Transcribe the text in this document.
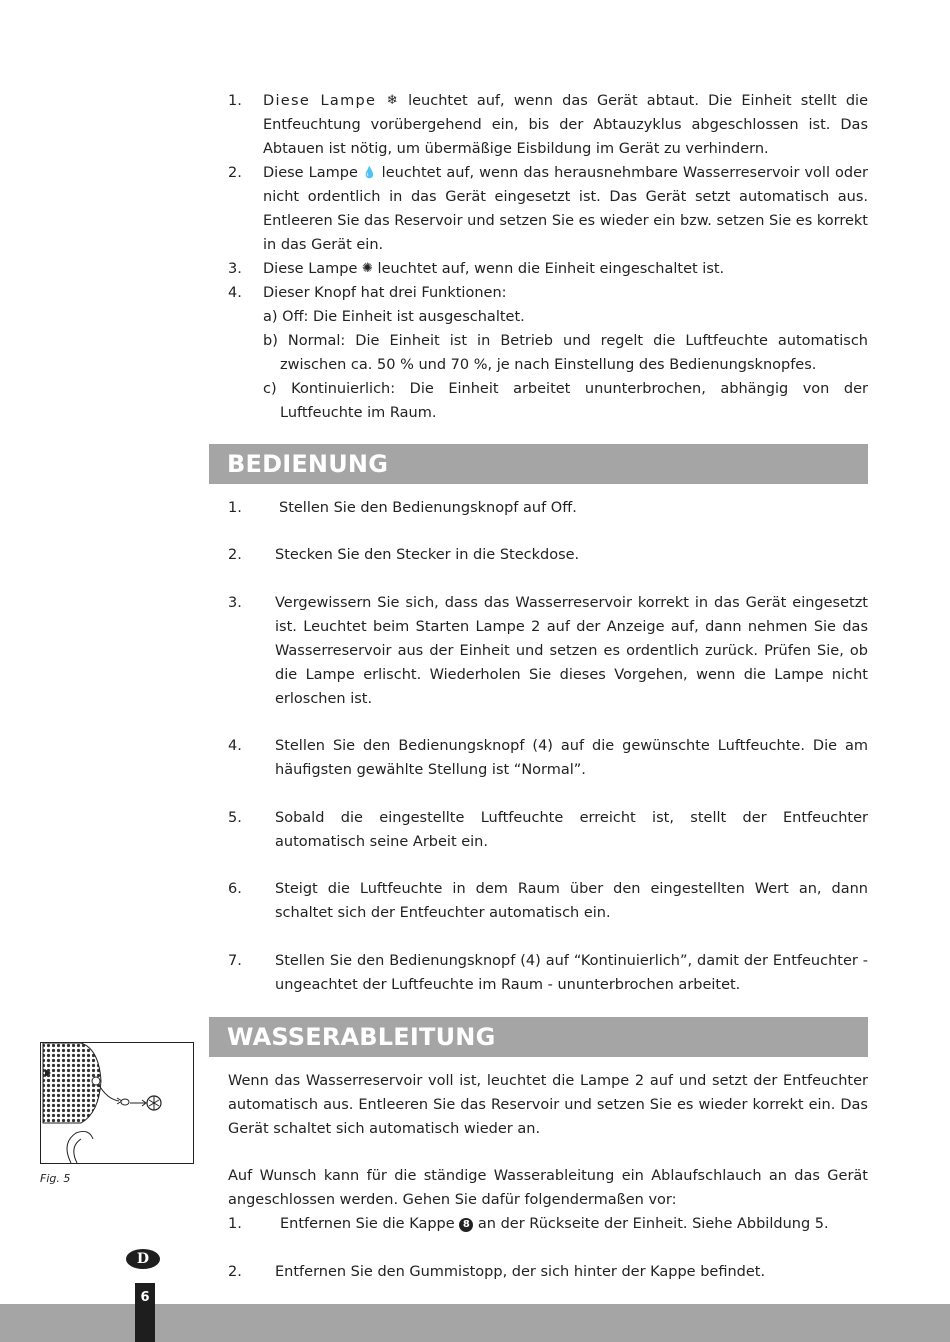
1. Diese Lampe ❄ leuchtet auf, wenn das Gerät abtaut. Die Einheit stellt die Entfeuchtung vorübergehend ein, bis der Abtauzyklus abgeschlossen ist. Das Abtauen ist nötig, um übermäßige Eisbildung im Gerät zu verhindern.
2. Diese Lampe 💧 leuchtet auf, wenn das herausnehmbare Wasserreservoir voll oder nicht ordentlich in das Gerät eingesetzt ist. Das Gerät setzt automatisch aus. Entleeren Sie das Reservoir und setzen Sie es wieder ein bzw. setzen Sie es korrekt in das Gerät ein.
3. Diese Lampe ✺ leuchtet auf, wenn die Einheit eingeschaltet ist.
4. Dieser Knopf hat drei Funktionen:
a) Off: Die Einheit ist ausgeschaltet.
b) Normal: Die Einheit ist in Betrieb und regelt die Luftfeuchte automatisch zwischen ca. 50 % und 70 %, je nach Einstellung des Bedienungsknopfes.
c) Kontinuierlich: Die Einheit arbeitet ununterbrochen, abhängig von der Luftfeuchte im Raum.
BEDIENUNG
1.	Stellen Sie den Bedienungsknopf auf Off.
2. Stecken Sie den Stecker in die Steckdose.
3. Vergewissern Sie sich, dass das Wasserreservoir korrekt in das Gerät eingesetzt ist. Leuchtet beim Starten Lampe 2 auf der Anzeige auf, dann nehmen Sie das Wasserreservoir aus der Einheit und setzen es ordentlich zurück. Prüfen Sie, ob die Lampe erlischt. Wiederholen Sie dieses Vorgehen, wenn die Lampe nicht erloschen ist.
4. Stellen Sie den Bedienungsknopf (4) auf die gewünschte Luftfeuchte. Die am häufigsten gewählte Stellung ist “Normal”.
5. Sobald die eingestellte Luftfeuchte erreicht ist, stellt der Entfeuchter automatisch seine Arbeit ein.
6. Steigt die Luftfeuchte in dem Raum über den eingestellten Wert an, dann schaltet sich der Entfeuchter automatisch ein.
7. Stellen Sie den Bedienungsknopf (4) auf “Kontinuierlich”, damit der Entfeuchter - ungeachtet der Luftfeuchte im Raum - ununterbrochen arbeitet.
WASSERABLEITUNG
Wenn das Wasserreservoir voll ist, leuchtet die Lampe 2 auf und setzt der Entfeuchter automatisch aus. Entleeren Sie das Reservoir und setzen Sie es wieder korrekt ein. Das Gerät schaltet sich automatisch wieder an.
Auf Wunsch kann für die ständige Wasserableitung ein Ablaufschlauch an das Gerät angeschlossen werden. Gehen Sie dafür folgendermaßen vor:
1.	Entfernen Sie die Kappe 8 an der Rückseite der Einheit. Siehe Abbildung 5.
2. Entfernen Sie den Gummistopp, der sich hinter der Kappe befindet.
Fig. 5
D
6
